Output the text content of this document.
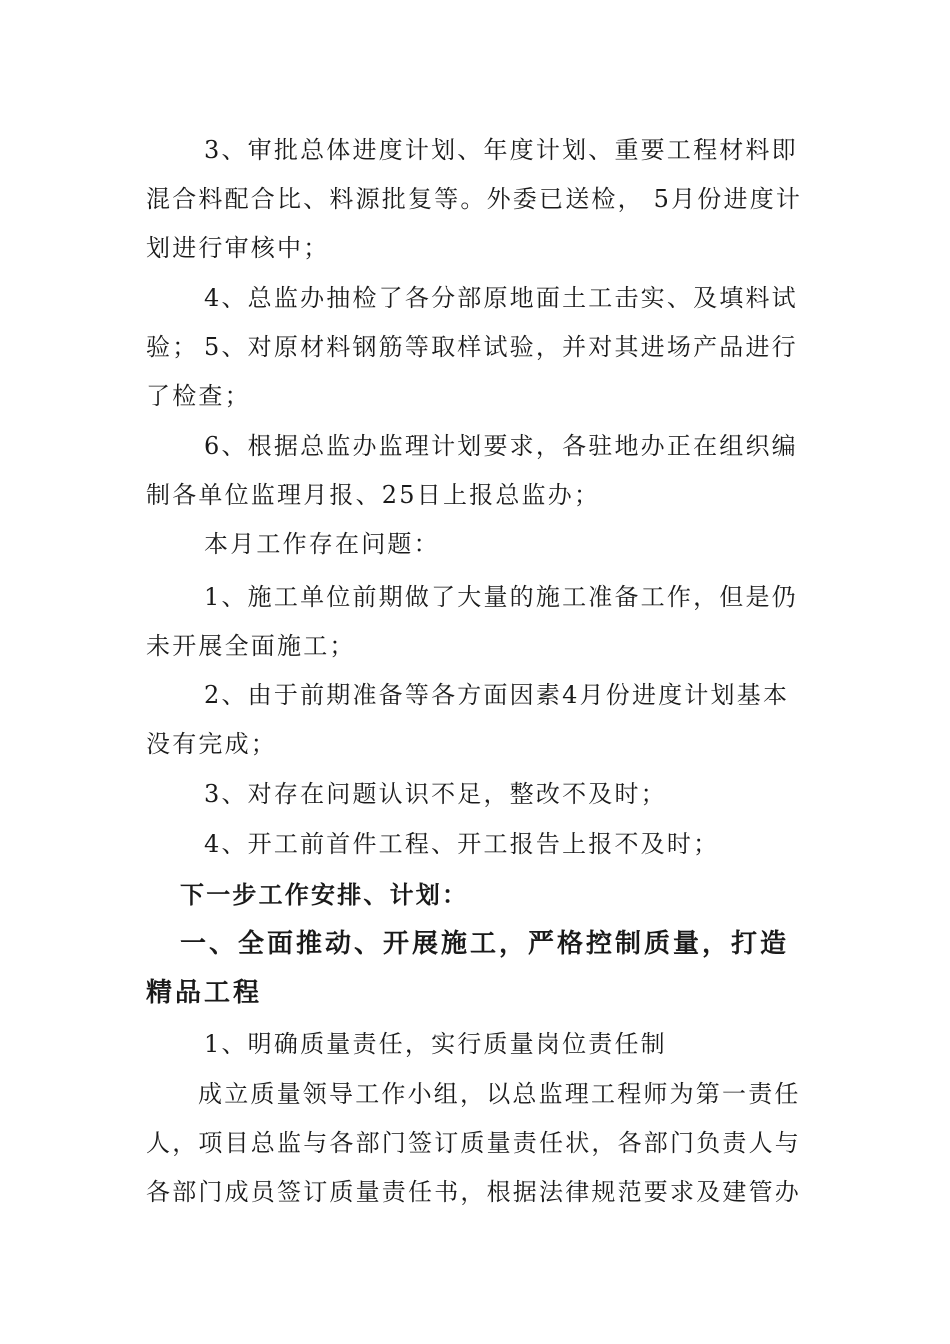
3、审批总体进度计划、年度计划、重要工程材料即混合料配合比、料源批复等。外委已送检， 5月份进度计划进行审核中；

4、总监办抽检了各分部原地面土工击实、及填料试验； 5、对原材料钢筋等取样试验，并对其进场产品进行了检查；

6、根据总监办监理计划要求，各驻地办正在组织编制各单位监理月报、25日上报总监办；

本月工作存在问题：

1、施工单位前期做了大量的施工准备工作，但是仍未开展全面施工；

2、由于前期准备等各方面因素4月份进度计划基本没有完成；

3、对存在问题认识不足，整改不及时；

4、开工前首件工程、开工报告上报不及时；

下一步工作安排、计划：

一、全面推动、开展施工，严格控制质量，打造精品工程

1、明确质量责任，实行质量岗位责任制

成立质量领导工作小组，以总监理工程师为第一责任人，项目总监与各部门签订质量责任状，各部门负责人与各部门成员签订质量责任书，根据法律规范要求及建管办
